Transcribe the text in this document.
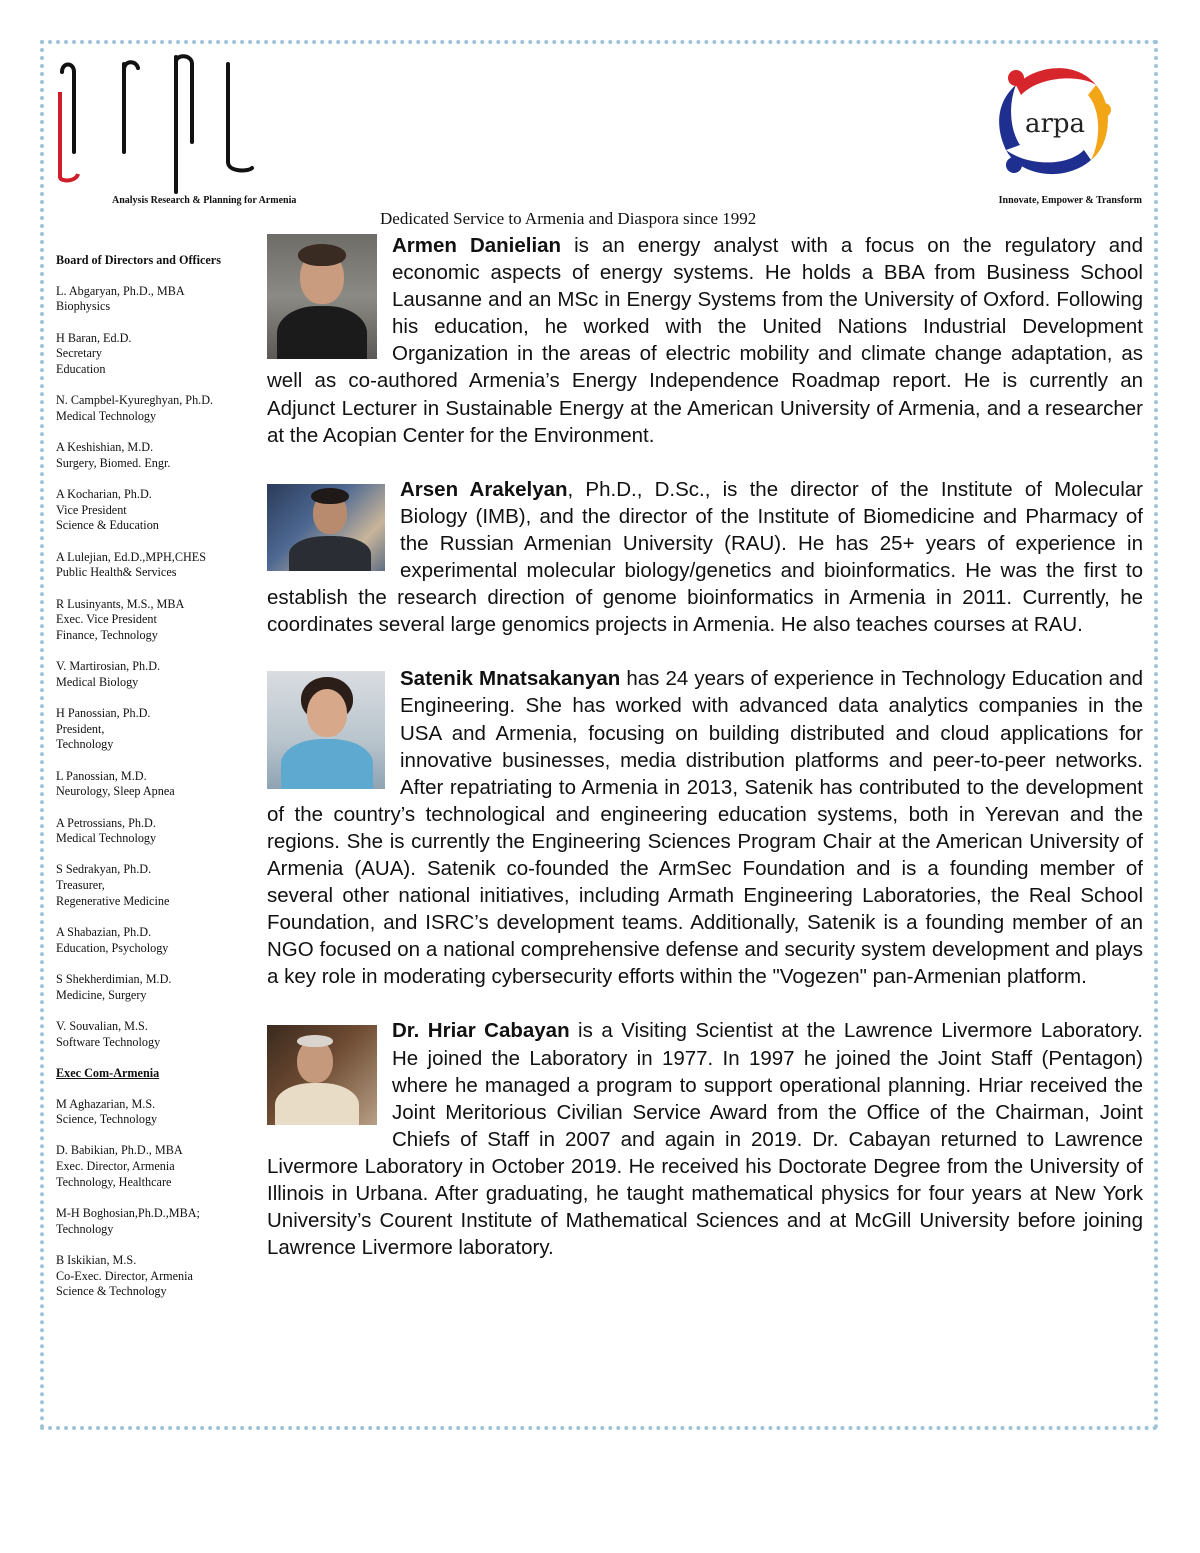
Analysis Research & Planning for Armenia
arpa
Innovate, Empower & Transform
Dedicated Service to Armenia and Diaspora since 1992
Board of Directors and Officers
L. Abgaryan, Ph.D., MBA
Biophysics
H Baran, Ed.D.
Secretary
Education
N. Campbel-Kyureghyan, Ph.D.
Medical Technology
A Keshishian, M.D.
Surgery, Biomed. Engr.
A Kocharian, Ph.D.
Vice President
Science & Education
A Lulejian, Ed.D.,MPH,CHES
Public Health& Services
R Lusinyants, M.S., MBA
Exec. Vice President
Finance, Technology
V. Martirosian, Ph.D.
Medical Biology
H Panossian, Ph.D.
President,
Technology
L Panossian, M.D.
Neurology, Sleep Apnea
A Petrossians, Ph.D.
Medical Technology
S Sedrakyan, Ph.D.
Treasurer,
Regenerative Medicine
A Shabazian, Ph.D.
Education, Psychology
S Shekherdimian, M.D.
Medicine, Surgery
V. Souvalian, M.S.
Software Technology
Exec Com-Armenia
M Aghazarian, M.S.
Science, Technology
D. Babikian, Ph.D., MBA
Exec. Director, Armenia
Technology, Healthcare
M-H Boghosian,Ph.D.,MBA;
Technology
B Iskikian, M.S.
Co-Exec. Director, Armenia
Science & Technology

Armen Danielian is an energy analyst with a focus on the regulatory and economic aspects of energy systems. He holds a BBA from Business School Lausanne and an MSc in Energy Systems from the University of Oxford. Following his education, he worked with the United Nations Industrial Development Organization in the areas of electric mobility and climate change adaptation, as well as co-authored Armenia’s Energy Independence Roadmap report. He is currently an Adjunct Lecturer in Sustainable Energy at the American University of Armenia, and a researcher at the Acopian Center for the Environment.

Arsen Arakelyan, Ph.D., D.Sc., is the director of the Institute of Molecular Biology (IMB), and the director of the Institute of Biomedicine and Pharmacy of the Russian Armenian University (RAU). He has 25+ years of experience in experimental molecular biology/genetics and bioinformatics. He was the first to establish the research direction of genome bioinformatics in Armenia in 2011. Currently, he coordinates several large genomics projects in Armenia. He also teaches courses at RAU.

Satenik Mnatsakanyan has 24 years of experience in Technology Education and Engineering. She has worked with advanced data analytics companies in the USA and Armenia, focusing on building distributed and cloud applications for innovative businesses, media distribution platforms and peer-to-peer networks. After repatriating to Armenia in 2013, Satenik has contributed to the development of the country’s technological and engineering education systems, both in Yerevan and the regions. She is currently the Engineering Sciences Program Chair at the American University of Armenia (AUA). Satenik co-founded the ArmSec Foundation and is a founding member of several other national initiatives, including Armath Engineering Laboratories, the Real School Foundation, and ISRC’s development teams. Additionally, Satenik is a founding member of an NGO focused on a national comprehensive defense and security system development and plays a key role in moderating cybersecurity efforts within the "Vogezen" pan-Armenian platform.

Dr. Hriar Cabayan is a Visiting Scientist at the Lawrence Livermore Laboratory. He joined the Laboratory in 1977. In 1997 he joined the Joint Staff (Pentagon) where he managed a program to support operational planning. Hriar received the Joint Meritorious Civilian Service Award from the Office of the Chairman, Joint Chiefs of Staff in 2007 and again in 2019. Dr. Cabayan returned to Lawrence Livermore Laboratory in October 2019. He received his Doctorate Degree from the University of Illinois in Urbana. After graduating, he taught mathematical physics for four years at New York University’s Courent Institute of Mathematical Sciences and at McGill University before joining Lawrence Livermore laboratory.
